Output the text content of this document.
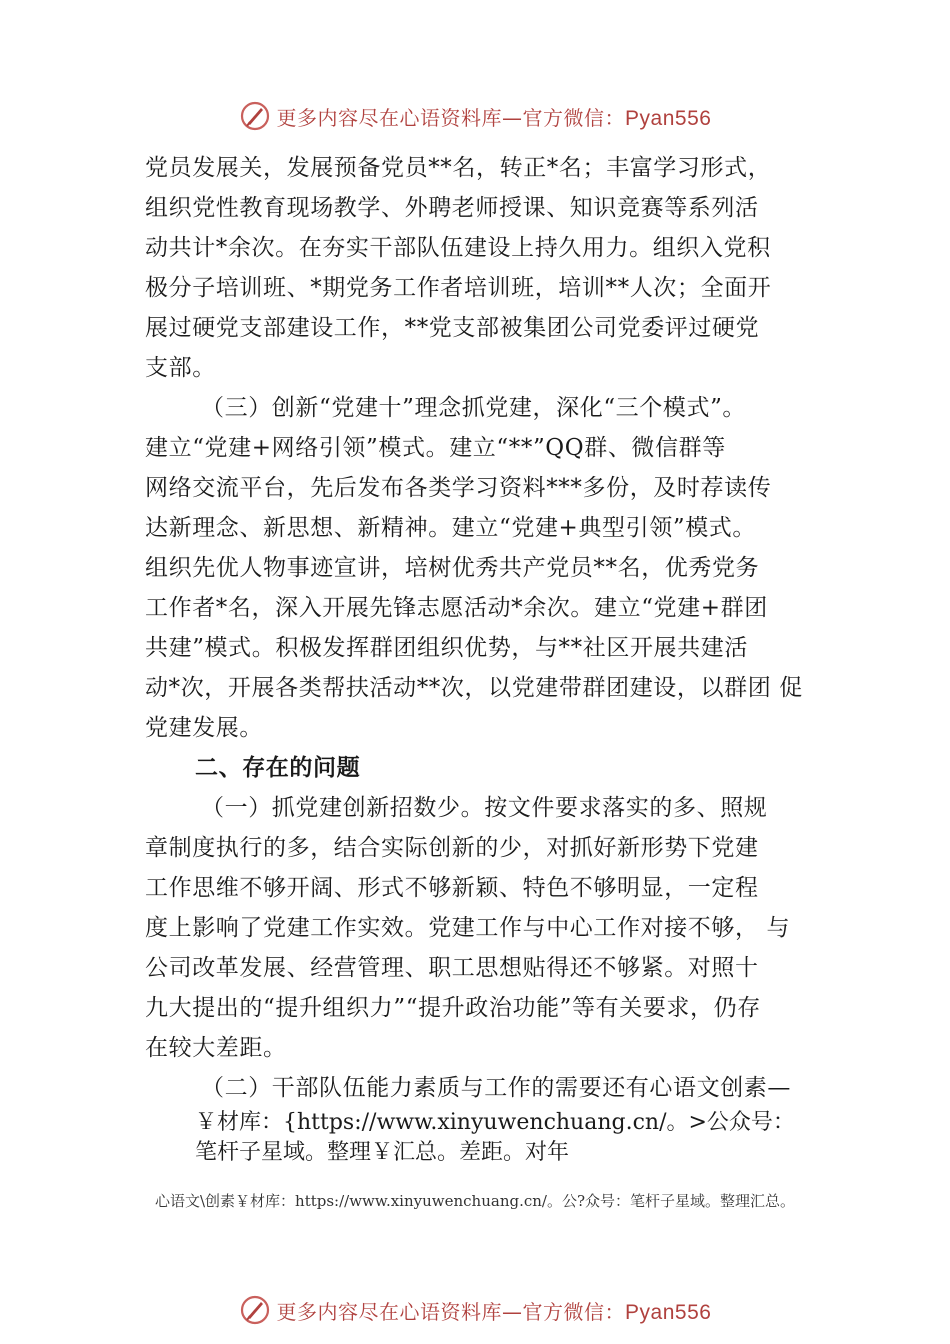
更多内容尽在心语资料库—官方微信：Pyan556
党员发展关，发展预备党员**名，转正*名；丰富学习形式，
组织党性教育现场教学、外聘老师授课、知识竞赛等系列活
动共计*余次。在夯实干部队伍建设上持久用力。组织入党积
极分子培训班、*期党务工作者培训班，培训**人次；全面开
展过硬党支部建设工作，**党支部被集团公司党委评过硬党
支部。
（三）创新“党建十”理念抓党建，深化“三个模式”。
建立“党建+网络引领”模式。建立“**”QQ群、微信群等
网络交流平台，先后发布各类学习资料***多份，及时荐读传
达新理念、新思想、新精神。建立“党建+典型引领”模式。
组织先优人物事迹宣讲，培树优秀共产党员**名，优秀党务
工作者*名，深入开展先锋志愿活动*余次。建立“党建+群团
共建”模式。积极发挥群团组织优势，与**社区开展共建活
动*次，开展各类帮扶活动**次，以党建带群团建设，以群团 促
党建发展。
二、存在的问题
（一）抓党建创新招数少。按文件要求落实的多、照规
章制度执行的多，结合实际创新的少，对抓好新形势下党建
工作思维不够开阔、形式不够新颖、特色不够明显，一定程
度上影响了党建工作实效。党建工作与中心工作对接不够， 与
公司改革发展、经营管理、职工思想贴得还不够紧。对照十
九大提出的“提升组织力”“提升政治功能”等有关要求，仍存
在较大差距。
（二）干部队伍能力素质与工作的需要还有心语文创素—
￥材库：{https://www.xinyuwenchuang.cn/。>公众号：
笔杆子星域。整理￥汇总。差距。对年
心语文\创素￥材库：https://www.xinyuwenchuang.cn/。公?众号：笔杆子星域。整理汇总。
更多内容尽在心语资料库—官方微信：Pyan556
